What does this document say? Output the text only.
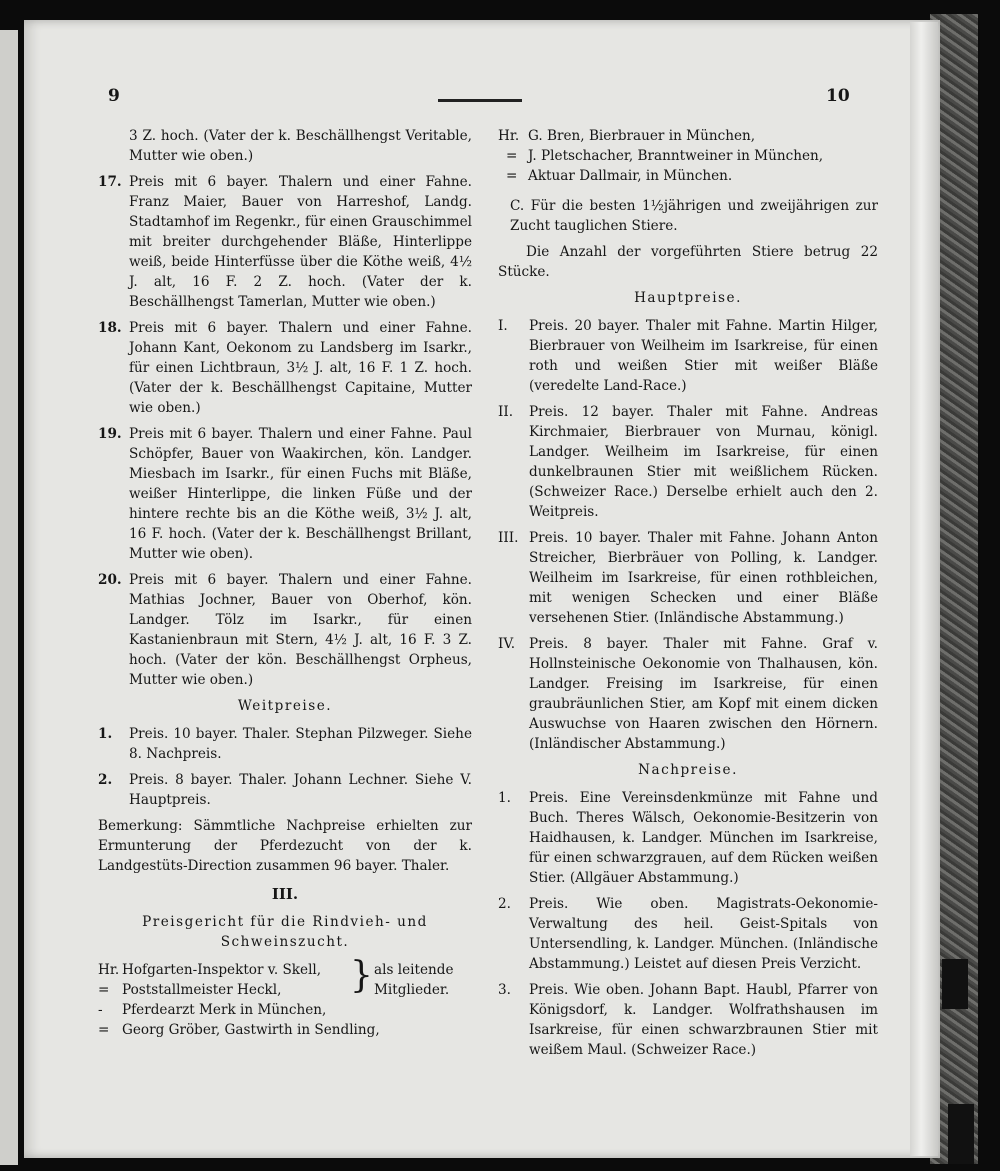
9	10
3 Z. hoch. (Vater der k. Beschällhengst Veritable, Mutter wie oben.)
17. Preis mit 6 bayer. Thalern und einer Fahne. Franz Maier, Bauer von Harreshof, Landg. Stadtamhof im Regenkr., für einen Grauschimmel mit breiter durchgehender Bläße, Hinterlippe weiß, beide Hinterfüsse über die Köthe weiß, 4½ J. alt, 16 F. 2 Z. hoch. (Vater der k. Beschällhengst Tamerlan, Mutter wie oben.)
18. Preis mit 6 bayer. Thalern und einer Fahne. Johann Kant, Oekonom zu Landsberg im Isarkr., für einen Lichtbraun, 3½ J. alt, 16 F. 1 Z. hoch. (Vater der k. Beschällhengst Capitaine, Mutter wie oben.)
19. Preis mit 6 bayer. Thalern und einer Fahne. Paul Schöpfer, Bauer von Waakirchen, kön. Landger. Miesbach im Isarkr., für einen Fuchs mit Bläße, weißer Hinterlippe, die linken Füße und der hintere rechte bis an die Köthe weiß, 3½ J. alt, 16 F. hoch. (Vater der k. Beschällhengst Brillant, Mutter wie oben).
20. Preis mit 6 bayer. Thalern und einer Fahne. Mathias Jochner, Bauer von Oberhof, kön. Landger. Tölz im Isarkr., für einen Kastanienbraun mit Stern, 4½ J. alt, 16 F. 3 Z. hoch. (Vater der kön. Beschällhengst Orpheus, Mutter wie oben.)
Weitpreise.
1. Preis. 10 bayer. Thaler. Stephan Pilzweger. Siehe 8. Nachpreis.
2. Preis. 8 bayer. Thaler. Johann Lechner. Siehe V. Hauptpreis.
Bemerkung: Sämmtliche Nachpreise erhielten zur Ermunterung der Pferdezucht von der k. Landgestüts-Direction zusammen 96 bayer. Thaler.
III.
Preisgericht für die Rindvieh- und Schweinszucht.
Hr. Hofgarten-Inspektor v. Skell,
= Poststallmeister Heckl,
- Pferdearzt Merk in München,
= Georg Gröber, Gastwirth in Sendling,
} als leitende Mitglieder.
Hr. G. Bren, Bierbrauer in München,
= J. Pletschacher, Branntweiner in München,
= Aktuar Dallmair, in München.
C. Für die besten 1½jährigen und zweijährigen zur Zucht tauglichen Stiere.
Die Anzahl der vorgeführten Stiere betrug 22 Stücke.
Hauptpreise.
I. Preis. 20 bayer. Thaler mit Fahne. Martin Hilger, Bierbrauer von Weilheim im Isarkreise, für einen roth und weißen Stier mit weißer Bläße (veredelte Land-Race.)
II. Preis. 12 bayer. Thaler mit Fahne. Andreas Kirchmaier, Bierbrauer von Murnau, königl. Landger. Weilheim im Isarkreise, für einen dunkelbraunen Stier mit weißlichem Rücken. (Schweizer Race.) Derselbe erhielt auch den 2. Weitpreis.
III. Preis. 10 bayer. Thaler mit Fahne. Johann Anton Streicher, Bierbräuer von Polling, k. Landger. Weilheim im Isarkreise, für einen rothbleichen, mit wenigen Schecken und einer Bläße versehenen Stier. (Inländische Abstammung.)
IV. Preis. 8 bayer. Thaler mit Fahne. Graf v. Hollnsteinische Oekonomie von Thalhausen, kön. Landger. Freising im Isarkreise, für einen graubräunlichen Stier, am Kopf mit einem dicken Auswuchse von Haaren zwischen den Hörnern. (Inländischer Abstammung.)
Nachpreise.
1. Preis. Eine Vereinsdenkmünze mit Fahne und Buch. Theres Wälsch, Oekonomie-Besitzerin von Haidhausen, k. Landger. München im Isarkreise, für einen schwarzgrauen, auf dem Rücken weißen Stier. (Allgäuer Abstammung.)
2. Preis. Wie oben. Magistrats-Oekonomie-Verwaltung des heil. Geist-Spitals von Untersendling, k. Landger. München. (Inländische Abstammung.) Leistet auf diesen Preis Verzicht.
3. Preis. Wie oben. Johann Bapt. Haubl, Pfarrer von Königsdorf, k. Landger. Wolfrathshausen im Isarkreise, für einen schwarzbraunen Stier mit weißem Maul. (Schweizer Race.)
